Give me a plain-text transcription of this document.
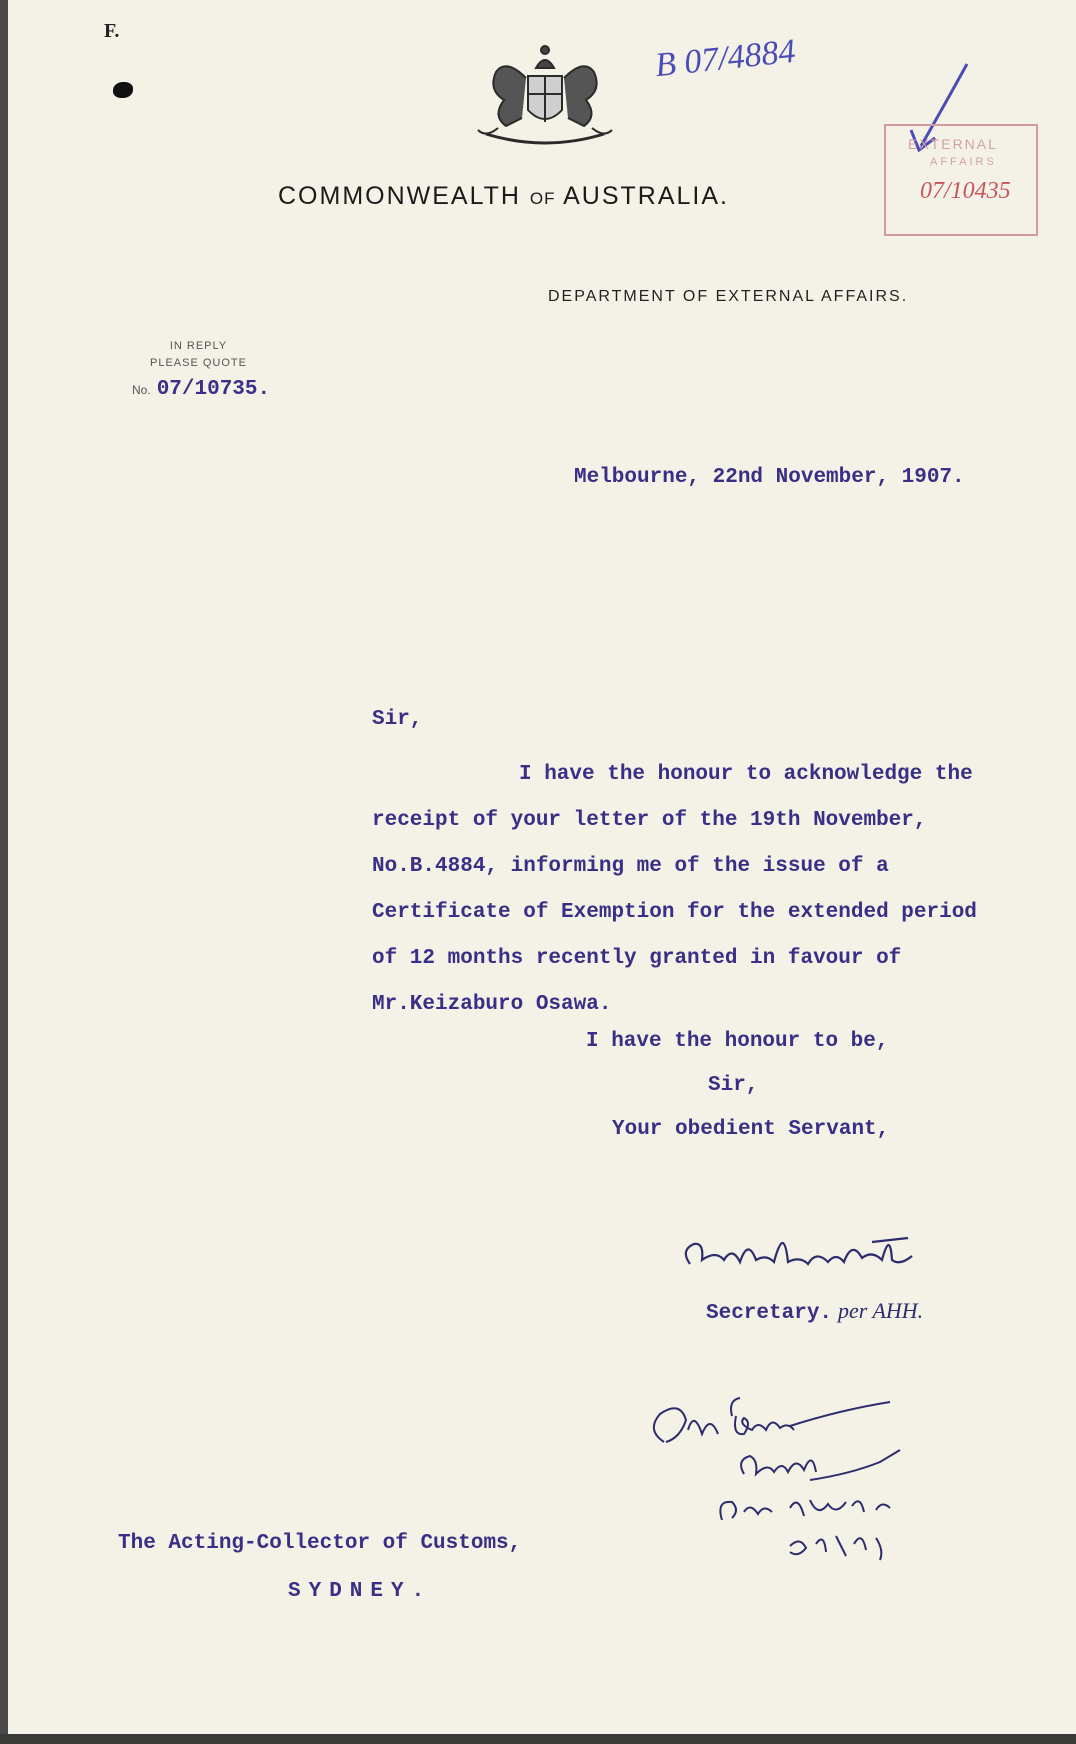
F.
COMMONWEALTH OF AUSTRALIA.
DEPARTMENT OF EXTERNAL AFFAIRS.
B 07/4884
EXTERNAL
AFFAIRS
07/10435
IN REPLY
PLEASE QUOTE
No. 07/10735.
Melbourne, 22nd November, 1907.
Sir,
I have the honour to acknowledge the receipt of your letter of the 19th November, No.B.4884, informing me of the issue of a Certificate of Exemption for the extended period of 12 months recently granted in favour of Mr.Keizaburo Osawa.
I have the honour to be,
Sir,
Your obedient Servant,
Secretary. per AHH.
The Acting-Collector of Customs,
SYDNEY.
